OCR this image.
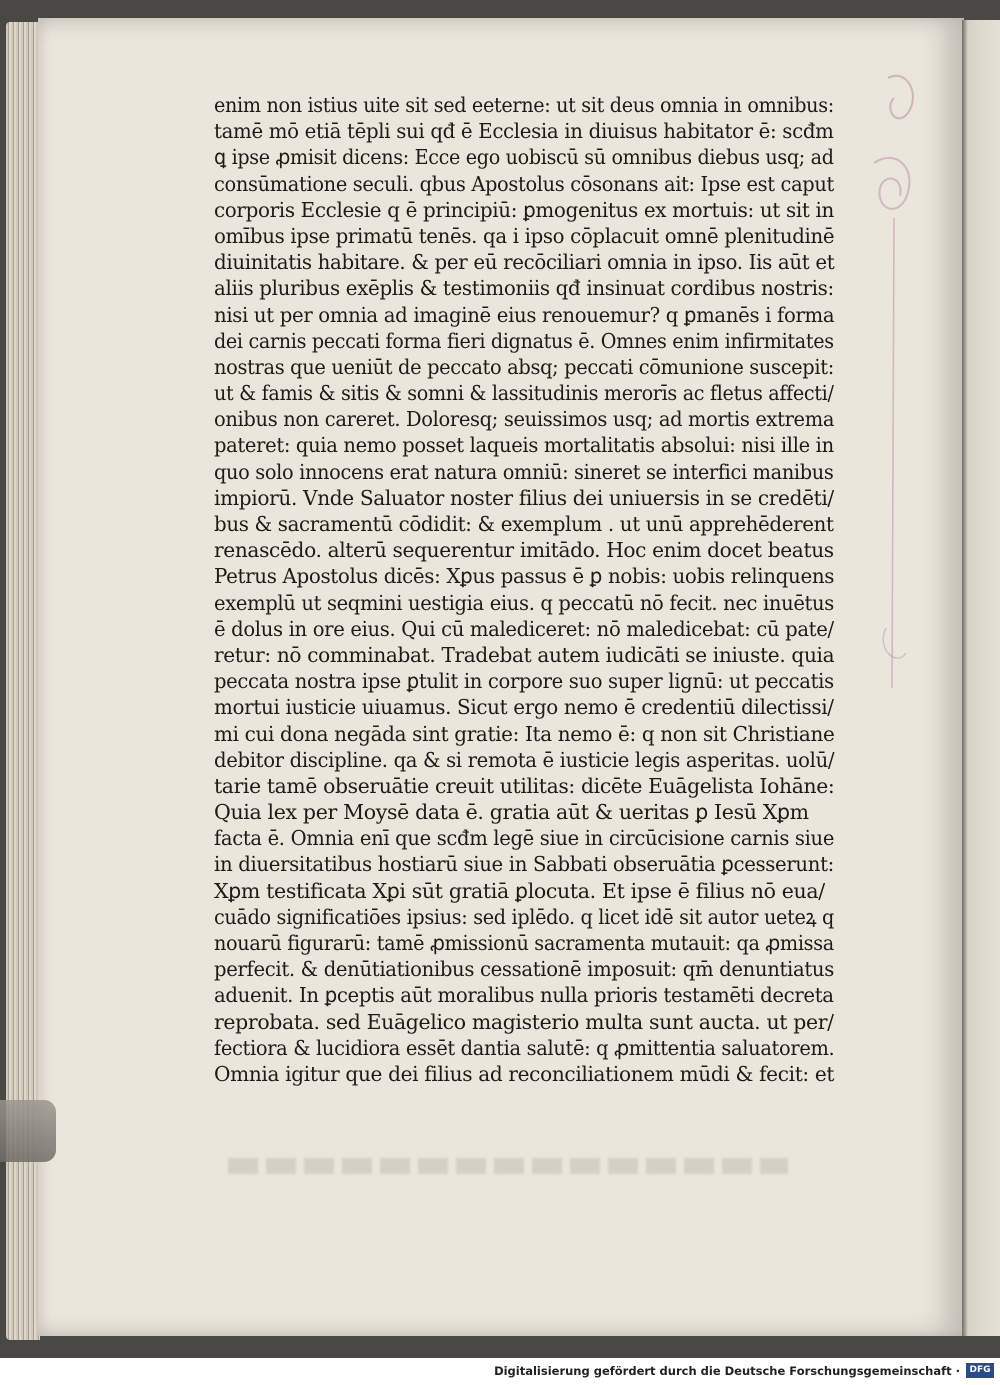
enim non istius uite sit sed eeterne: ut sit deus omnia in omnibus:
tamē mō etiā tēpli sui qđ ē Ecclesia in diuisus habitator ē: scđm
ꝗ ipse ꝓmisit dicens: Ecce ego uobiscū sū omnibus diebus usq; ad
consūmatione seculi. qbus Apostolus cōsonans ait: Ipse est caput
corporis Ecclesie q ē principiū: ꝑmogenitus ex mortuis: ut sit in
omībus ipse primatū tenēs. qa i ipso cōplacuit omnē plenitudinē
diuinitatis habitare. & per eū recōciliari omnia in ipso. Iis aūt et
aliis pluribus exēplis & testimoniis qđ insinuat cordibus nostris:
nisi ut per omnia ad imaginē eius renouemur? q ꝑmanēs i forma
dei carnis peccati forma fieri dignatus ē. Omnes enim infirmitates
nostras que ueniūt de peccato absq; peccati cōmunione suscepit:
ut & famis & sitis & somni & lassitudinis merorīs ac fletus affecti/
onibus non careret. Doloresq; seuissimos usq; ad mortis extrema
pateret: quia nemo posset laqueis mortalitatis absolui: nisi ille in
quo solo innocens erat natura omniū: sineret se interfici manibus
impiorū. Vnde Saluator noster filius dei uniuersis in se credēti/
bus & sacramentū cōdidit: & exemplum . ut unū apprehēderent
renascēdo. alterū sequerentur imitādo. Hoc enim docet beatus
Petrus Apostolus dicēs: Xꝑus passus ē ꝑ nobis: uobis relinquens
exemplū ut seqmini uestigia eius. q peccatū nō fecit. nec inuētus
ē dolus in ore eius. Qui cū malediceret: nō maledicebat: cū pate/
retur: nō comminabat. Tradebat autem iudicāti se iniuste. quia
peccata nostra ipse ꝑtulit in corpore suo super lignū: ut peccatis
mortui iusticie uiuamus. Sicut ergo nemo ē credentiū dilectissi/
mi cui dona negāda sint gratie: Ita nemo ē: q non sit Christiane
debitor discipline. qa & si remota ē iusticie legis asperitas. uolū/
tarie tamē obseruātie creuit utilitas: dicēte Euāgelista Iohāne:
Quia lex per Moysē data ē. gratia aūt & ueritas ꝑ Iesū Xꝑm
facta ē. Omnia enī que scđm legē siue in circūcisione carnis siue
in diuersitatibus hostiarū siue in Sabbati obseruātia ꝑcesserunt:
Xꝑm testificata Xꝑi sūt gratiā ꝑlocuta. Et ipse ē filius nō eua/
cuādo significatiōes ipsius: sed iplēdo. q licet idē sit autor ueteꝝ q
nouarū figurarū: tamē ꝓmissionū sacramenta mutauit: qa ꝓmissa
perfecit. & denūtiationibus cessationē imposuit: qm̄ denuntiatus
aduenit. In ꝑceptis aūt moralibus nulla prioris testamēti decreta
reprobata. sed Euāgelico magisterio multa sunt aucta. ut per/
fectiora & lucidiora essēt dantia salutē: q ꝓmittentia saluatorem.
Omnia igitur que dei filius ad reconciliationem mūdi & fecit: et
Digitalisierung gefördert durch die Deutsche Forschungsgemeinschaft ·	DFG
